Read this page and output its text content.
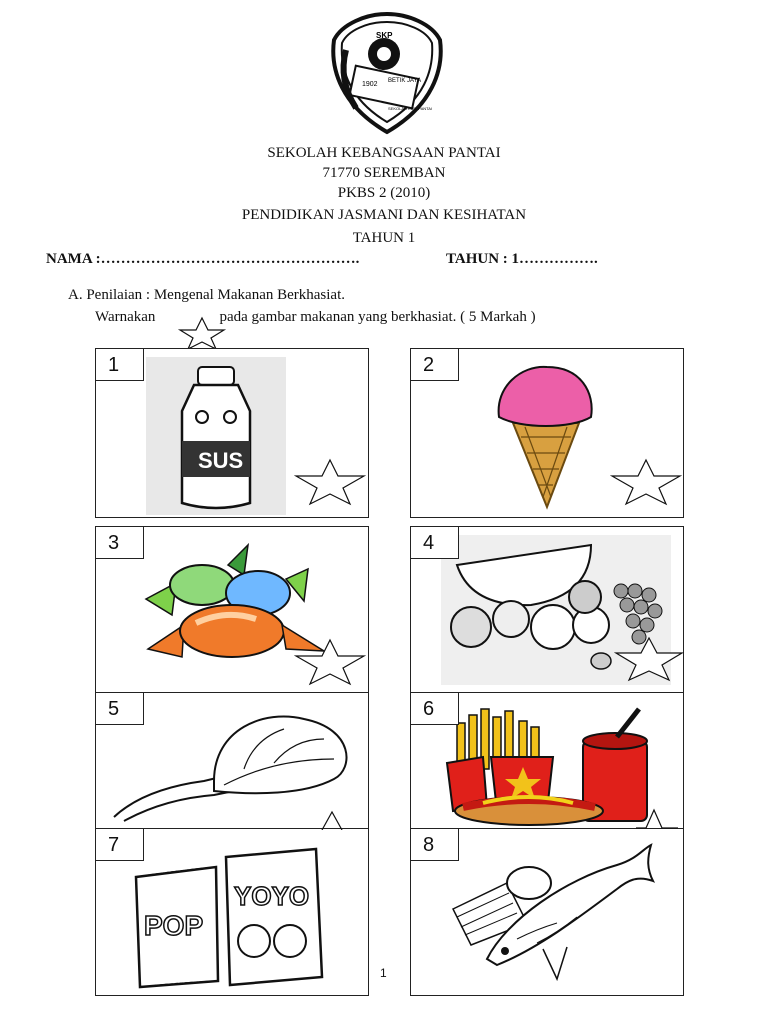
SKP
1902 BETIK JAYA
SEKOLAH KEB. PANTAI
SEKOLAH KEBANGSAAN PANTAI
71770 SEREMBAN
PKBS 2 (2010)
PENDIDIKAN JASMANI DAN KESIHATAN
TAHUN 1
NAMA :…………………………………………….	TAHUN : 1…………….
A. Penilaian : Mengenal Makanan Berkhasiat.
Warnakan	pada gambar makanan yang berkhasiat. ( 5 Markah )
1
SUS
2
3	4
5	6
7
POP
YOYO
8
1
